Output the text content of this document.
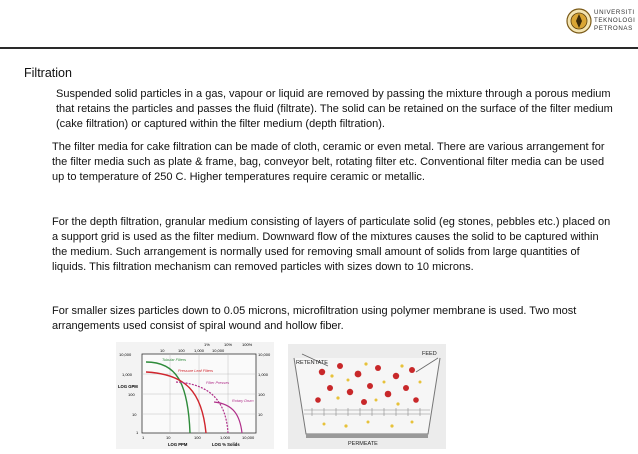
UNIVERSITI
TEKNOLOGI
PETRONAS
Filtration
Suspended solid particles in a gas, vapour or liquid are removed by passing the mixture through a porous medium that retains the particles and passes the fluid (filtrate). The solid can be retained on the surface of the filter medium (cake filtration) or captured within the filter medium (depth filtration).
The filter media for cake filtration can be made of cloth, ceramic or even metal. There are various arrangement for the filter media such as plate & frame, bag, conveyor belt, rotating filter etc. Conventional filter media can be used up to temperature of 250 C. Higher temperatures require ceramic or metallic.
For the depth filtration, granular medium consisting of layers of particulate solid (eg stones, pebbles etc.) placed on a support grid is used as the filter medium. Downward flow of the mixtures causes the solid to be captured within the medium. Such arrangement is normally used for removing small amount of solids from large quantities of liquids. This filtration mechanism can removed particles with sizes down to 10 microns.
For smaller sizes particles down to 0.05 microns, microfiltration using polymer membrane is used. Two most arrangements used consist of spiral wound and hollow fiber.
1%	10% 100%
10	100 1,000 10,000
10,000
1,000
100
10
1
LOG GPM
10,000
1,000
100
10
1	10	100	1,000	10,000
LOG PPM	LOG % Solids
Tubular Filters
Pressure Leaf Filters
Filter Presses
Rotary Drum
RETENTATE
FEED
PERMEATE
